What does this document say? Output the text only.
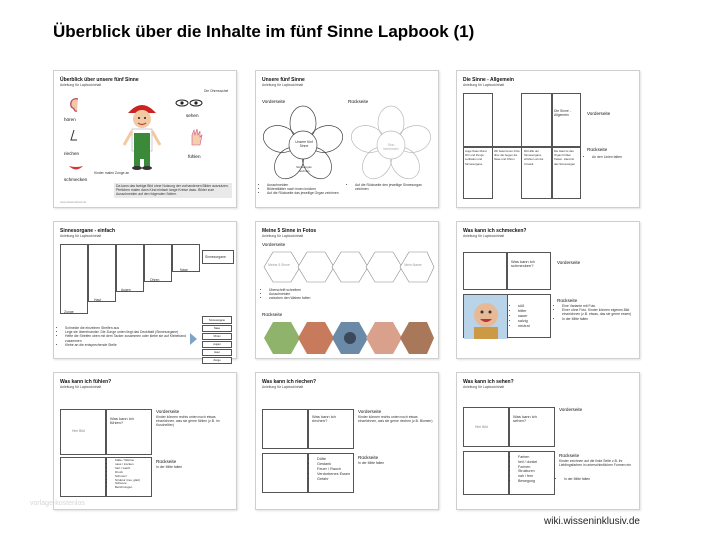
Überblick über die Inhalte im fünf Sinne Lapbook (1)
Überblick über unsere fünf Sinne
Anleitung für Lapbookinhalt
Die Ohrmuschel
hören
sehen
riechen
fühlen
schmecken
Kinder malen Zunge an
Da kann das farbige Bild ohne Nutzung der vorhandenen Bilder ausnutzen. Pfeilchen malen dann Kind einfach lange Kreise dazu. Bilder zum Ausschneiden auf den folgenden Seiten.
www.wisseninklusiv.de
Unsere fünf Sinne
Anleitung für Lapbookinhalt
Vorderseite	Rückseite
Unsere fünf Sinne
Sinnesorgan zeichnen
Sinn benennen
• Ausschneiden
• Blütenblätter nach innen knicken
• Auf die Rückseite das jeweilige Organ zeichnen
• Auf die Rückseite den jeweilige Sinnesorgan zeichnen
Die Sinne - Allgemein
Anleitung für Lapbookinhalt
Die Sinne - Allgemein
Auge Nase Mund Ohr und Zunge. Leitfaden und Sinnesorgane
Wir bekommen Infos über die Augen die Nase und Ohren
Mit Hilfe der Sinnesorgane erfahren wir die Umwelt
Die Haut ist das Organ Fühlen Tasten. Hand ist das Sinnesorgan
Vorderseite
Rückseite
• An den Linien falten
Sinnesorgane - einfach
Anleitung für Lapbookinhalt
Zunge
Haut
Augen
Ohren
Nase
Sinnesorgane
• Schneide die einzelnen Streifen aus
• Lege sie übereinander. Die Zunge unten liegt das Deckblatt (Sinnesorgane)
• Hefte die Streifen oben mit dem Tacker zusammen oder klebe sie auf Klebeband zusammen
• Klebe an die entsprechende Stelle
Sinnesorgane
Nase
Ohren
Augen
Haut
Zunge
Meine 5 Sinne in Fotos
Anleitung für Lapbookinhalt
Vorderseite
Meine 5 Sinne	Mein Name
• Überschrift schreiben
• Ausschneiden
• zwischen den Waben falten
Rückseite
Was kann ich schmecken?
Anleitung für Lapbookinhalt
Was kann ich schmecken?
Vorderseite
• süß
• bitter
• sauer
• salzig
• neutral
Rückseite
• Eine Variante mit Foto
• Einer ohne Foto. Kinder können eigenes Bild einzeichnen (z.B. etwas, das sie gerne essen)
• In der Mitte falten
Was kann ich fühlen?
Anleitung für Lapbookinhalt
Hier Bild
Was kann ich fühlen?
Vorderseite
Kinder können rechts unten noch etwas einzeichnen, was sie gerne fühlen (z.B. im Kuscheltier)
• Kälte / Wärme
• nass / trocken
• hart / weich
• Druck
• Schmerz
• Struktur (rau, glatt)
• Schwere
• Berührungen
Rückseite
In der Mitte falten
Was kann ich riechen?
Anleitung für Lapbookinhalt
Was kann ich riechen?
Vorderseite
Kinder können rechts unten noch etwas einzeichnen, was sie gerne riechen (z.B. Blumen)
• Düfte
• Gestank
• Feuer / Rauch
• Verdorbenes Essen
• Gefahr
Rückseite
In der Mitte falten
Was kann ich sehen?
Anleitung für Lapbookinhalt
Hier Bild
Was kann ich sehen?
Vorderseite
• Farben
• hell / dunkel
• Formen
• Strukturen
• nah / fern
• Bewegung
Rückseite
Kinder zeichnen auf die linke Seite z.B. ihr Lieblingsfarben in unterschiedlichen Formen ein
• In der Mitte falten
vorlage-kostenlos
wiki.wisseninklusiv.de
